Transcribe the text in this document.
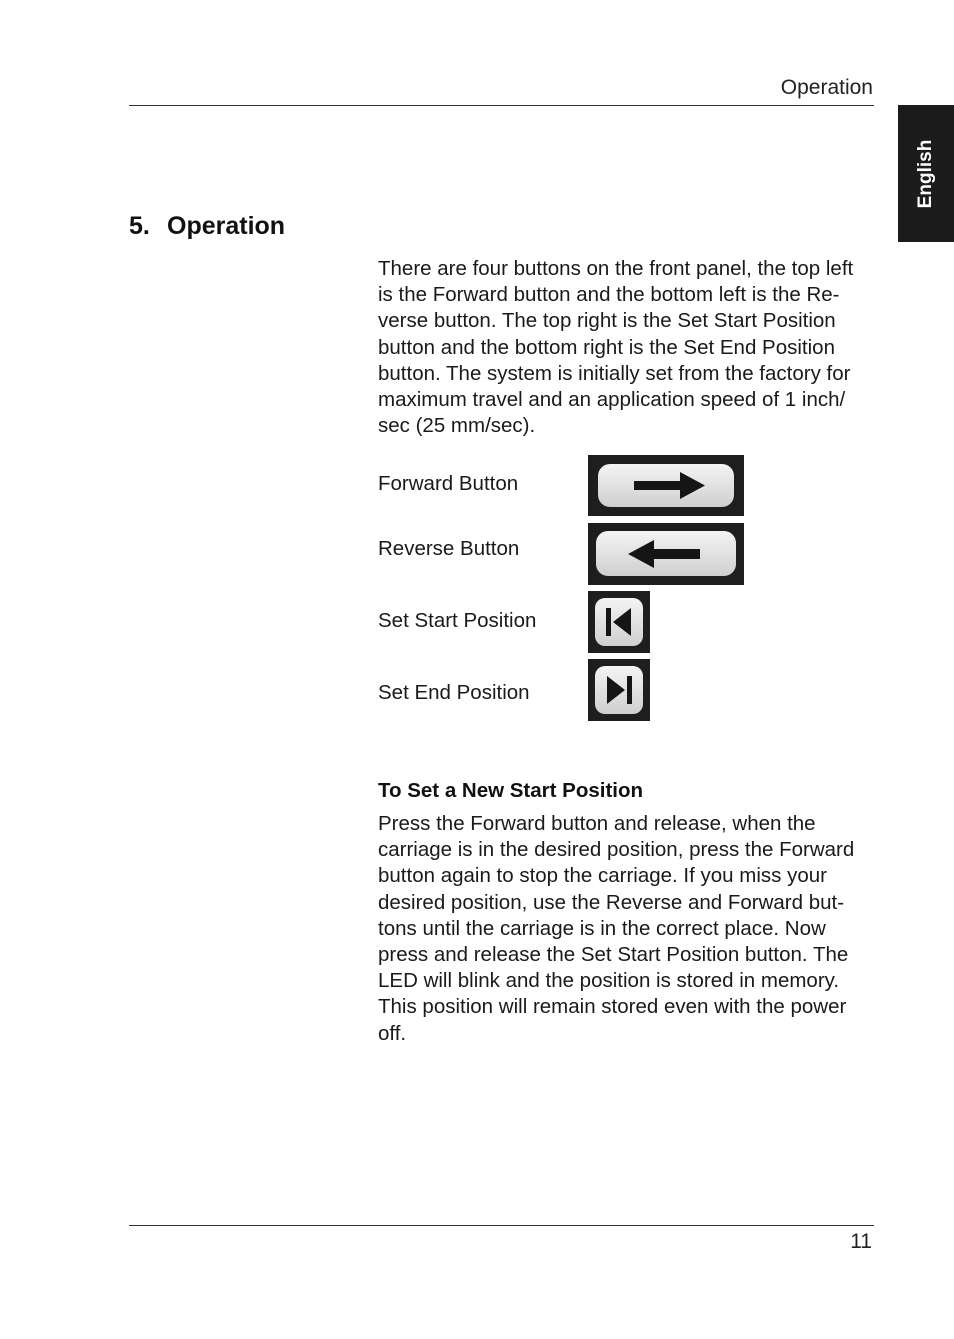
Operation
English
5. Operation
There are four buttons on the front panel, the top left
is the Forward button and the bottom left is the Re-
verse button. The top right is the Set Start Position
button and the bottom right is the Set End Position
button. The system is initially set from the factory for
maximum travel and an application speed of 1 inch/
sec (25 mm/sec).
Forward Button
Reverse Button
Set Start Position
Set End Position
To Set a New Start Position
Press the Forward button and release, when the
carriage is in the desired position, press the Forward
button again to stop the carriage. If you miss your
desired position, use the Reverse and Forward but-
tons until the carriage is in the correct place. Now
press and release the Set Start Position button. The
LED will blink and the position is stored in memory.
This position will remain stored even with the power
off.
11
